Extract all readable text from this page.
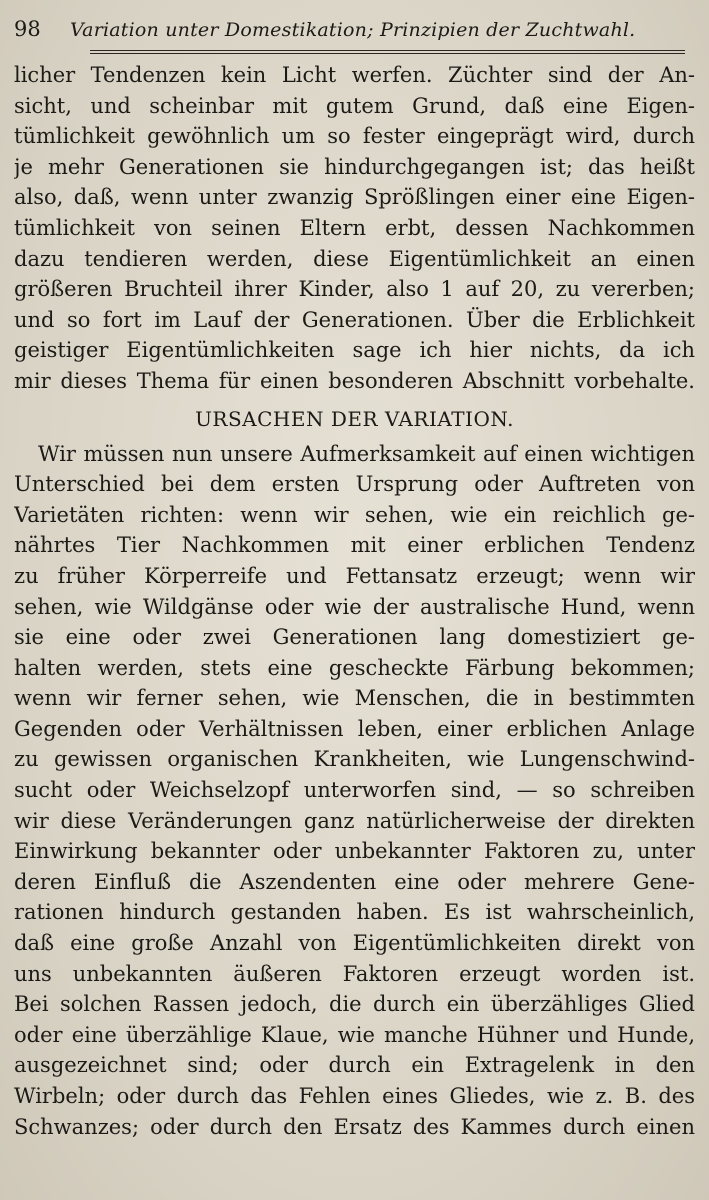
98	Variation unter Domestikation; Prinzipien der Zuchtwahl.
licher Tendenzen kein Licht werfen. Züchter sind der An-
sicht, und scheinbar mit gutem Grund, daß eine Eigen-
tümlichkeit gewöhnlich um so fester eingeprägt wird, durch
je mehr Generationen sie hindurchgegangen ist; das heißt
also, daß, wenn unter zwanzig Sprößlingen einer eine Eigen-
tümlichkeit von seinen Eltern erbt, dessen Nachkommen
dazu tendieren werden, diese Eigentümlichkeit an einen
größeren Bruchteil ihrer Kinder, also 1 auf 20, zu vererben;
und so fort im Lauf der Generationen. Über die Erblichkeit
geistiger Eigentümlichkeiten sage ich hier nichts, da ich
mir dieses Thema für einen besonderen Abschnitt vorbehalte.
URSACHEN DER VARIATION.
Wir müssen nun unsere Aufmerksamkeit auf einen wichtigen
Unterschied bei dem ersten Ursprung oder Auftreten von
Varietäten richten: wenn wir sehen, wie ein reichlich ge-
nährtes Tier Nachkommen mit einer erblichen Tendenz
zu früher Körperreife und Fettansatz erzeugt; wenn wir
sehen, wie Wildgänse oder wie der australische Hund, wenn
sie eine oder zwei Generationen lang domestiziert ge-
halten werden, stets eine gescheckte Färbung bekommen;
wenn wir ferner sehen, wie Menschen, die in bestimmten
Gegenden oder Verhältnissen leben, einer erblichen Anlage
zu gewissen organischen Krankheiten, wie Lungenschwind-
sucht oder Weichselzopf unterworfen sind, — so schreiben
wir diese Veränderungen ganz natürlicherweise der direkten
Einwirkung bekannter oder unbekannter Faktoren zu, unter
deren Einfluß die Aszendenten eine oder mehrere Gene-
rationen hindurch gestanden haben. Es ist wahrscheinlich,
daß eine große Anzahl von Eigentümlichkeiten direkt von
uns unbekannten äußeren Faktoren erzeugt worden ist.
Bei solchen Rassen jedoch, die durch ein überzähliges Glied
oder eine überzählige Klaue, wie manche Hühner und Hunde,
ausgezeichnet sind; oder durch ein Extragelenk in den
Wirbeln; oder durch das Fehlen eines Gliedes, wie z. B. des
Schwanzes; oder durch den Ersatz des Kammes durch einen
